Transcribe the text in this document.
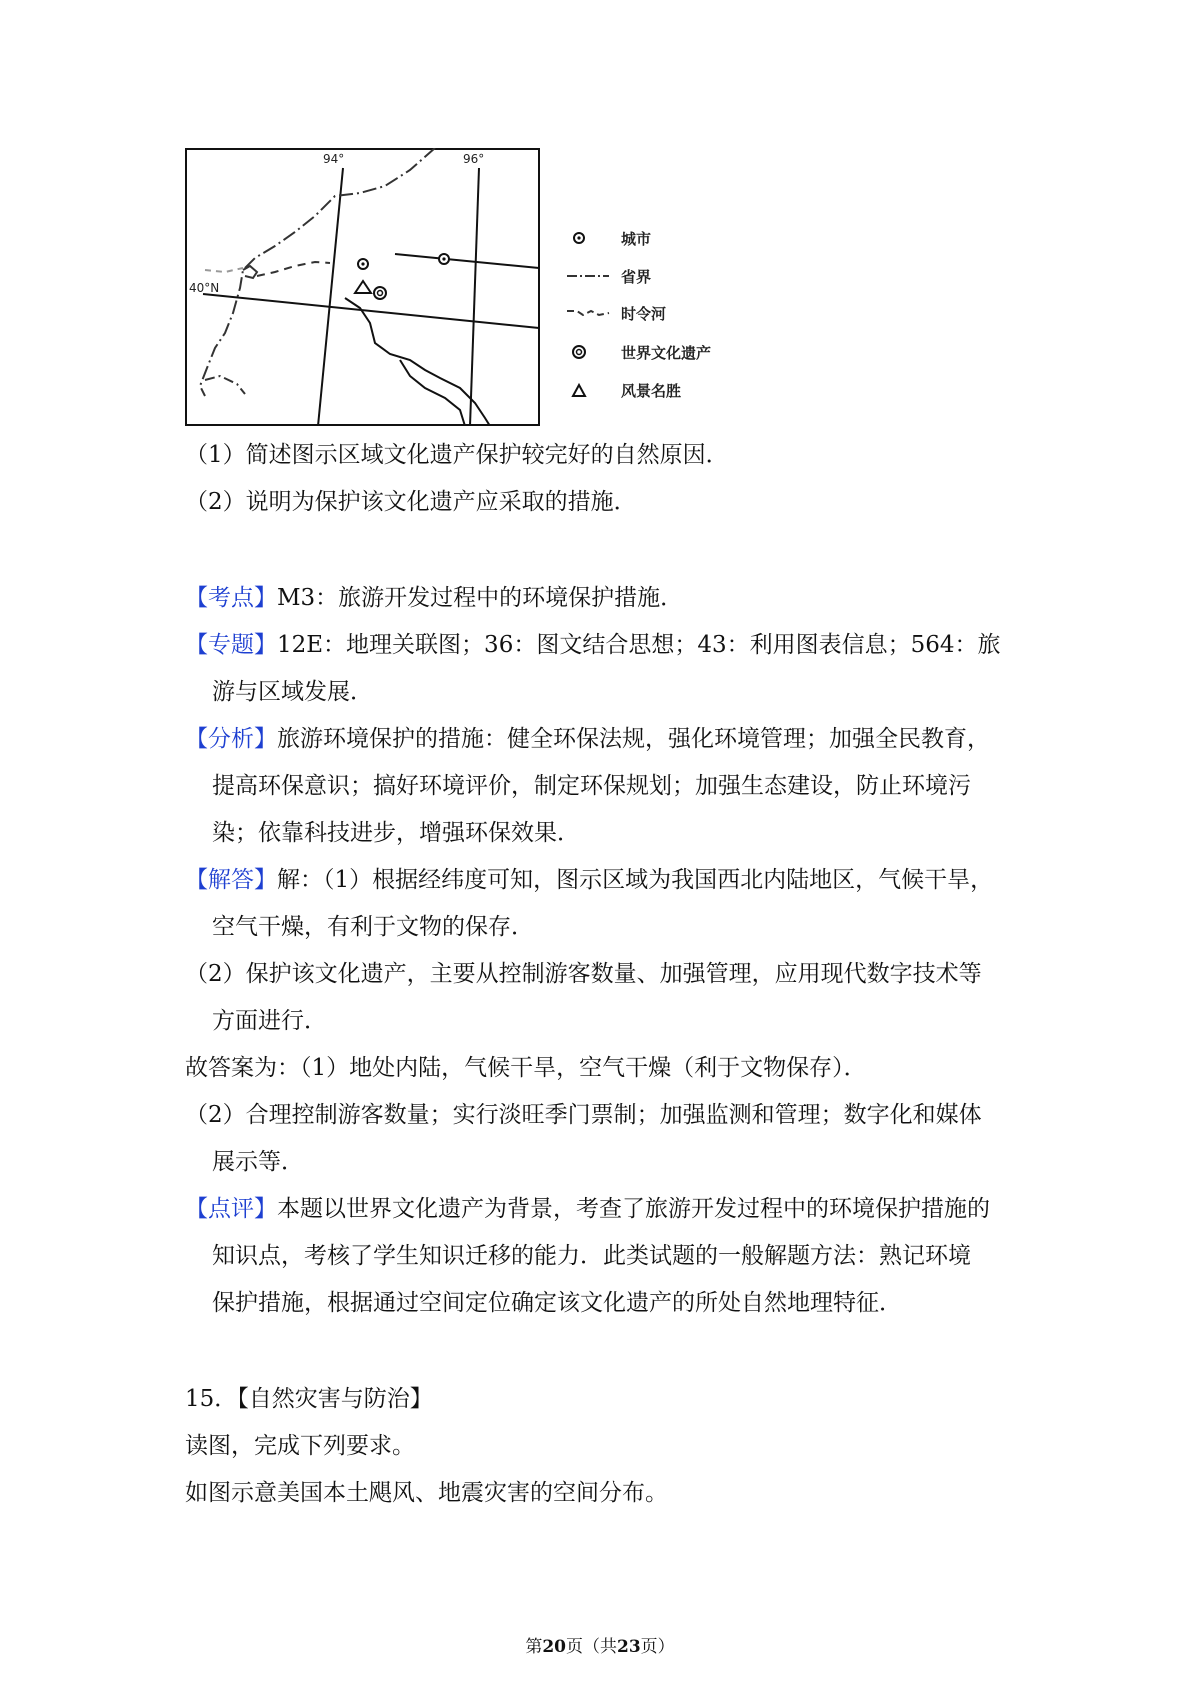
94°	96°
40°N
城市
省界
时令河
世界文化遗产
风景名胜
（1）简述图示区域文化遗产保护较完好的自然原因．
（2）说明为保护该文化遗产应采取的措施．
【考点】M3：旅游开发过程中的环境保护措施．
【专题】12E：地理关联图；36：图文结合思想；43：利用图表信息；564：旅
游与区域发展．
【分析】旅游环境保护的措施：健全环保法规，强化环境管理；加强全民教育，
提高环保意识；搞好环境评价，制定环保规划；加强生态建设，防止环境污
染；依靠科技进步，增强环保效果．
【解答】解：（1）根据经纬度可知，图示区域为我国西北内陆地区，气候干旱，
空气干燥，有利于文物的保存．
（2）保护该文化遗产，主要从控制游客数量、加强管理，应用现代数字技术等
方面进行．
故答案为：（1）地处内陆，气候干旱，空气干燥（利于文物保存）．
（2）合理控制游客数量；实行淡旺季门票制；加强监测和管理；数字化和媒体
展示等．
【点评】本题以世界文化遗产为背景，考查了旅游开发过程中的环境保护措施的
知识点，考核了学生知识迁移的能力．此类试题的一般解题方法：熟记环境
保护措施，根据通过空间定位确定该文化遗产的所处自然地理特征．
15．【自然灾害与防治】
读图，完成下列要求。
如图示意美国本土飓风、地震灾害的空间分布。
第20页（共23页）
